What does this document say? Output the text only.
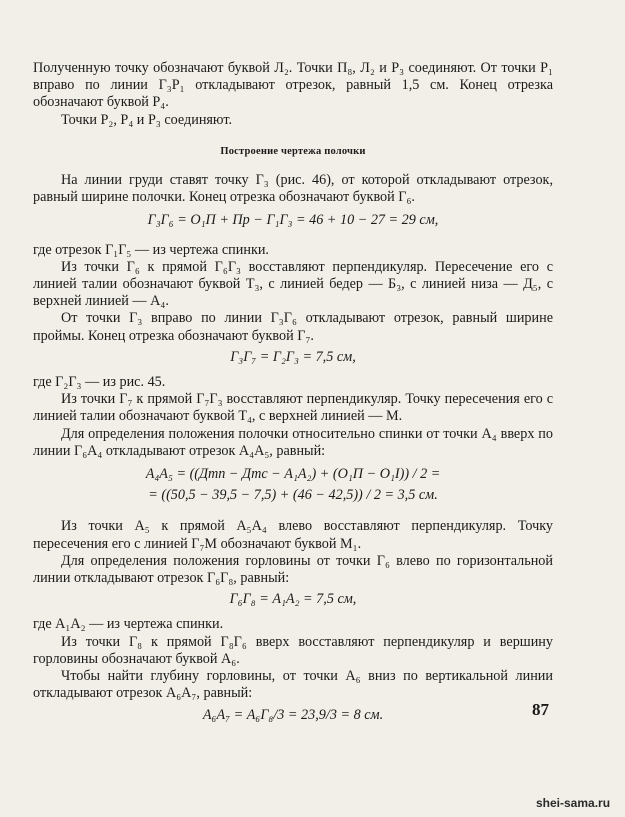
Полученную точку обозначают буквой Л₂. Точки П₈, Л₂ и Р₃ соединяют. От точки Р₁ вправо по линии Г₃Р₁ откладывают отрезок, равный 1,5 см. Конец отрезка обозначают буквой Р₄.

Точки Р₂, Р₄ и Р₃ соединяют.

Построение чертежа полочки

На линии груди ставят точку Г₃ (рис. 46), от которой откладывают отрезок, равный ширине полочки. Конец отрезка обозначают буквой Г₆.

Г₃Г₆ = О₁П + Пр − Г₁Г₃ = 46 + 10 − 27 = 29 см,

где отрезок Г₁Г₅ — из чертежа спинки.

Из точки Г₆ к прямой Г₆Г₃ восставляют перпендикуляр. Пересечение его с линией талии обозначают буквой Т₃, с линией бедер — Б₃, с линией низа — Д₅, с верхней линией — А₄.

От точки Г₃ вправо по линии Г₃Г₆ откладывают отрезок, равный ширине проймы. Конец отрезка обозначают буквой Г₇.

Г₃Г₇ = Г₂Г₃ = 7,5 см,

где Г₂Г₃ — из рис. 45.

Из точки Г₇ к прямой Г₇Г₃ восставляют перпендикуляр. Точку пересечения его с линией талии обозначают буквой Т₄, с верхней линией — М.

Для определения положения полочки относительно спинки от точки А₄ вверх по линии Г₆А₄ откладывают отрезок А₄А₅, равный:

А₄А₅ = ((Дтп − Дтс − А₁А₂) + (О₁П − О₁І)) / 2 =

= ((50,5 − 39,5 − 7,5) + (46 − 42,5)) / 2 = 3,5 см.

Из точки А₅ к прямой А₅А₄ влево восставляют перпендикуляр. Точку пересечения его с линией Г₇М обозначают буквой М₁.

Для определения положения горловины от точки Г₆ влево по горизонтальной линии откладывают отрезок Г₆Г₈, равный:

Г₆Г₈ = А₁А₂ = 7,5 см,

где А₁А₂ — из чертежа спинки.

Из точки Г₈ к прямой Г₈Г₆ вверх восставляют перпендикуляр и вершину горловины обозначают буквой А₆.

Чтобы найти глубину горловины, от точки А₆ вниз по вертикальной линии откладывают отрезок А₆А₇, равный:

А₆А₇ = А₆Г₈/3 = 23,9/3 = 8 см.	87
shei-sama.ru
